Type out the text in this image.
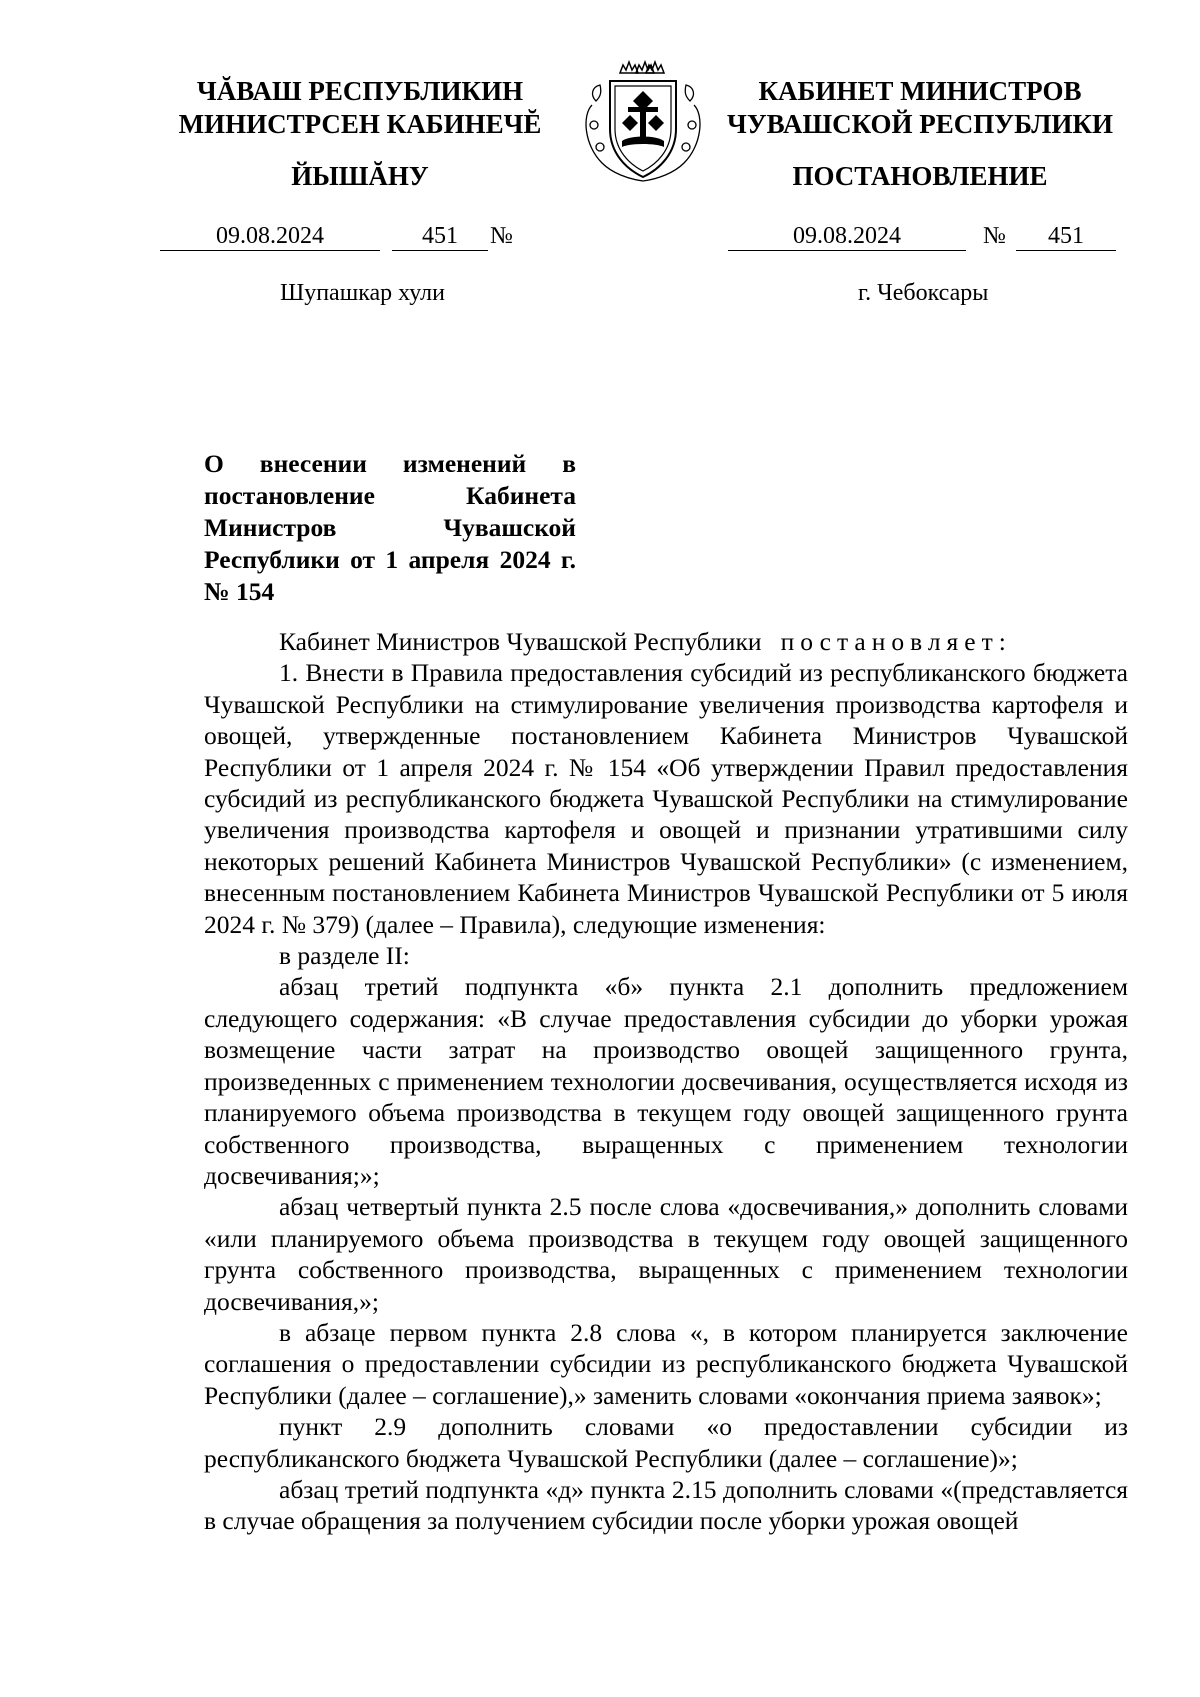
ЧĂВАШ РЕСПУБЛИКИН
МИНИСТРСЕН КАБИНЕЧĔ
ЙЫШĂНУ
КАБИНЕТ МИНИСТРОВ
ЧУВАШСКОЙ РЕСПУБЛИКИ
ПОСТАНОВЛЕНИЕ
09.08.2024	451	№	09.08.2024	№	451
Шупашкар хули	г. Чебоксары
О внесении изменений в постановление Кабинета Министров Чувашской Республики от 1 апреля 2024 г. № 154

Кабинет Министров Чувашской Республики постановляет:

1. Внести в Правила предоставления субсидий из республиканского бюджета Чувашской Республики на стимулирование увеличения производства картофеля и овощей, утвержденные постановлением Кабинета Министров Чувашской Республики от 1 апреля 2024 г. № 154 «Об утверждении Правил предоставления субсидий из республиканского бюджета Чувашской Республики на стимулирование увеличения производства картофеля и овощей и признании утратившими силу некоторых решений Кабинета Министров Чувашской Республики» (с изменением, внесенным постановлением Кабинета Министров Чувашской Республики от 5 июля 2024 г. № 379) (далее – Правила), следующие изменения:

в разделе II:

абзац третий подпункта «б» пункта 2.1 дополнить предложением следующего содержания: «В случае предоставления субсидии до уборки урожая возмещение части затрат на производство овощей защищенного грунта, произведенных с применением технологии досвечивания, осуществляется исходя из планируемого объема производства в текущем году овощей защищенного грунта собственного производства, выращенных с применением технологии досвечивания;»;

абзац четвертый пункта 2.5 после слова «досвечивания,» дополнить словами «или планируемого объема производства в текущем году овощей защищенного грунта собственного производства, выращенных с применением технологии досвечивания,»;

в абзаце первом пункта 2.8 слова «, в котором планируется заключение соглашения о предоставлении субсидии из республиканского бюджета Чувашской Республики (далее – соглашение),» заменить словами «окончания приема заявок»;

пункт 2.9 дополнить словами «о предоставлении субсидии из республиканского бюджета Чувашской Республики (далее – соглашение)»;

абзац третий подпункта «д» пункта 2.15 дополнить словами «(представляется в случае обращения за получением субсидии после уборки урожая овощей
